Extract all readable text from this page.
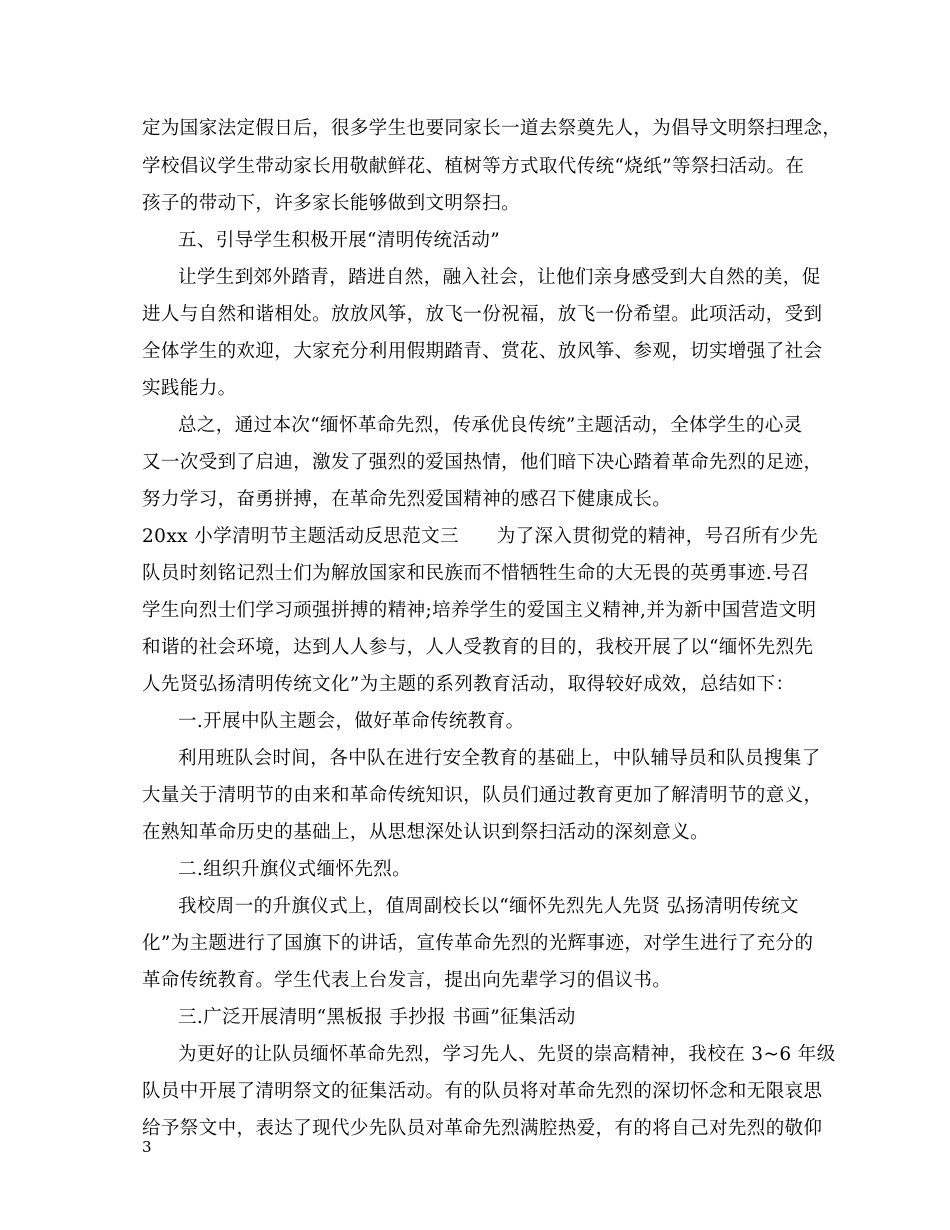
定为国家法定假日后，很多学生也要同家长一道去祭奠先人，为倡导文明祭扫理念，
学校倡议学生带动家长用敬献鲜花、植树等方式取代传统“烧纸”等祭扫活动。在
孩子的带动下，许多家长能够做到文明祭扫。
五、引导学生积极开展“清明传统活动”
让学生到郊外踏青，踏进自然，融入社会，让他们亲身感受到大自然的美，促
进人与自然和谐相处。放放风筝，放飞一份祝福，放飞一份希望。此项活动，受到
全体学生的欢迎，大家充分利用假期踏青、赏花、放风筝、参观，切实增强了社会
实践能力。
总之，通过本次“缅怀革命先烈，传承优良传统”主题活动，全体学生的心灵
又一次受到了启迪，激发了强烈的爱国热情，他们暗下决心踏着革命先烈的足迹，
努力学习，奋勇拼搏，在革命先烈爱国精神的感召下健康成长。
20xx 小学清明节主题活动反思范文三　　为了深入贯彻党的精神，号召所有少先
队员时刻铭记烈士们为解放国家和民族而不惜牺牲生命的大无畏的英勇事迹.号召
学生向烈士们学习顽强拼搏的精神;培养学生的爱国主义精神,并为新中国营造文明
和谐的社会环境，达到人人参与，人人受教育的目的，我校开展了以“缅怀先烈先
人先贤弘扬清明传统文化”为主题的系列教育活动，取得较好成效，总结如下：
一.开展中队主题会，做好革命传统教育。
利用班队会时间，各中队在进行安全教育的基础上，中队辅导员和队员搜集了
大量关于清明节的由来和革命传统知识，队员们通过教育更加了解清明节的意义，
在熟知革命历史的基础上，从思想深处认识到祭扫活动的深刻意义。
二.组织升旗仪式缅怀先烈。
我校周一的升旗仪式上，值周副校长以“缅怀先烈先人先贤 弘扬清明传统文
化”为主题进行了国旗下的讲话，宣传革命先烈的光辉事迹，对学生进行了充分的
革命传统教育。学生代表上台发言，提出向先辈学习的倡议书。
三.广泛开展清明“黑板报 手抄报 书画”征集活动
为更好的让队员缅怀革命先烈，学习先人、先贤的崇高精神，我校在 3~6 年级
队员中开展了清明祭文的征集活动。有的队员将对革命先烈的深切怀念和无限哀思
给予祭文中，表达了现代少先队员对革命先烈满腔热爱，有的将自己对先烈的敬仰
3
